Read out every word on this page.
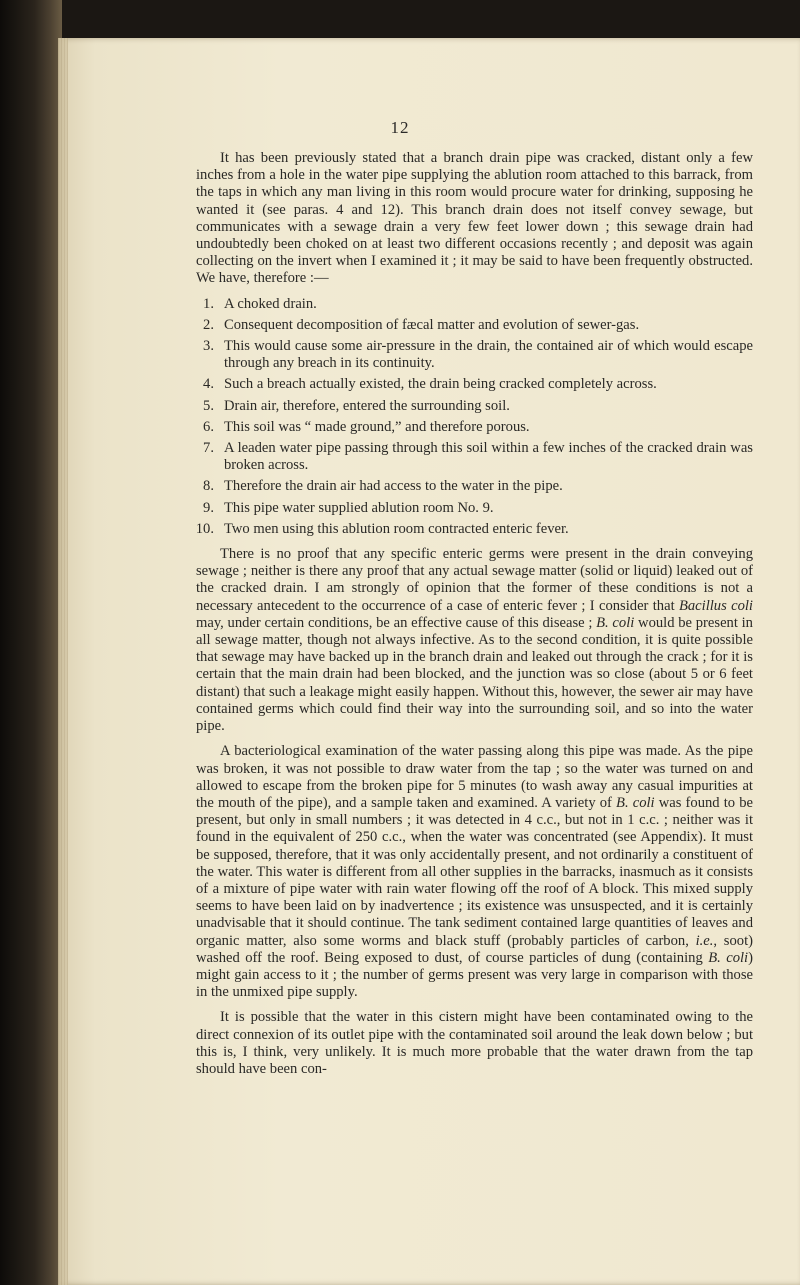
12

It has been previously stated that a branch drain pipe was cracked, distant only a few inches from a hole in the water pipe supplying the ablution room attached to this barrack, from the taps in which any man living in this room would procure water for drinking, supposing he wanted it (see paras. 4 and 12). This branch drain does not itself convey sewage, but communicates with a sewage drain a very few feet lower down ; this sewage drain had undoubtedly been choked on at least two different occasions recently ; and deposit was again collecting on the invert when I examined it ; it may be said to have been frequently obstructed. We have, therefore :—

1. A choked drain.
2. Consequent decomposition of fæcal matter and evolution of sewer-gas.
3. This would cause some air-pressure in the drain, the contained air of which would escape through any breach in its continuity.
4. Such a breach actually existed, the drain being cracked completely across.
5. Drain air, therefore, entered the surrounding soil.
6. This soil was “ made ground,” and therefore porous.
7. A leaden water pipe passing through this soil within a few inches of the cracked drain was broken across.
8. Therefore the drain air had access to the water in the pipe.
9. This pipe water supplied ablution room No. 9.
10. Two men using this ablution room contracted enteric fever.

There is no proof that any specific enteric germs were present in the drain conveying sewage ; neither is there any proof that any actual sewage matter (solid or liquid) leaked out of the cracked drain. I am strongly of opinion that the former of these conditions is not a necessary antecedent to the occurrence of a case of enteric fever ; I consider that Bacillus coli may, under certain conditions, be an effective cause of this disease ; B. coli would be present in all sewage matter, though not always infective. As to the second condition, it is quite possible that sewage may have backed up in the branch drain and leaked out through the crack ; for it is certain that the main drain had been blocked, and the junction was so close (about 5 or 6 feet distant) that such a leakage might easily happen. Without this, however, the sewer air may have contained germs which could find their way into the surrounding soil, and so into the water pipe.

A bacteriological examination of the water passing along this pipe was made. As the pipe was broken, it was not possible to draw water from the tap ; so the water was turned on and allowed to escape from the broken pipe for 5 minutes (to wash away any casual impurities at the mouth of the pipe), and a sample taken and examined. A variety of B. coli was found to be present, but only in small numbers ; it was detected in 4 c.c., but not in 1 c.c. ; neither was it found in the equivalent of 250 c.c., when the water was concentrated (see Appendix). It must be supposed, therefore, that it was only accidentally present, and not ordinarily a constituent of the water. This water is different from all other supplies in the barracks, inasmuch as it consists of a mixture of pipe water with rain water flowing off the roof of A block. This mixed supply seems to have been laid on by inadvertence ; its existence was unsuspected, and it is certainly unadvisable that it should continue. The tank sediment contained large quantities of leaves and organic matter, also some worms and black stuff (probably particles of carbon, i.e., soot) washed off the roof. Being exposed to dust, of course particles of dung (containing B. coli) might gain access to it ; the number of germs present was very large in comparison with those in the unmixed pipe supply.

It is possible that the water in this cistern might have been contaminated owing to the direct connexion of its outlet pipe with the contaminated soil around the leak down below ; but this is, I think, very unlikely. It is much more probable that the water drawn from the tap should have been con-
